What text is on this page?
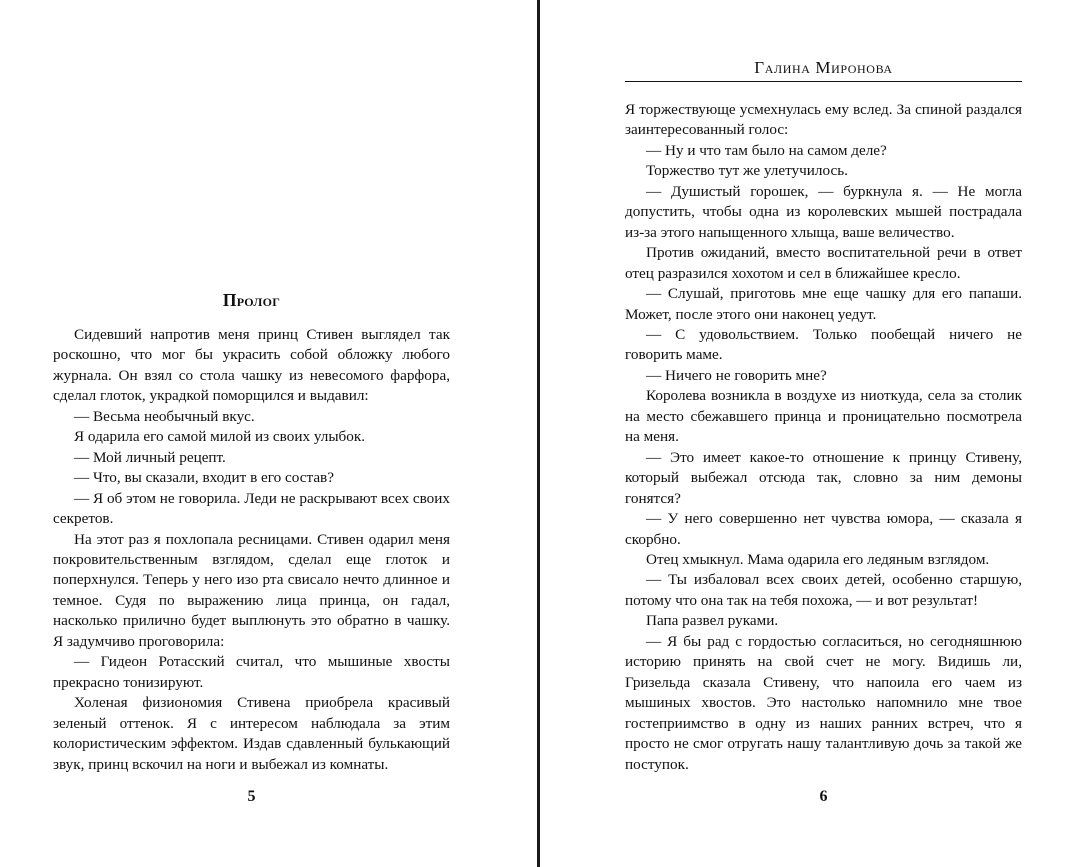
Пролог

Сидевший напротив меня принц Стивен выглядел так роскошно, что мог бы украсить собой обложку любого журнала. Он взял со стола чашку из невесомого фарфора, сделал глоток, украдкой поморщился и выдавил:

— Весьма необычный вкус.

Я одарила его самой милой из своих улыбок.

— Мой личный рецепт.

— Что, вы сказали, входит в его состав?

— Я об этом не говорила. Леди не раскрывают всех своих секретов.

На этот раз я похлопала ресницами. Стивен одарил меня покровительственным взглядом, сделал еще глоток и поперхнулся. Теперь у него изо рта свисало нечто длинное и темное. Судя по выражению лица принца, он гадал, насколько прилично будет выплюнуть это обратно в чашку. Я задумчиво проговорила:

— Гидеон Ротасский считал, что мышиные хвосты прекрасно тонизируют.

Холеная физиономия Стивена приобрела красивый зеленый оттенок. Я с интересом наблюдала за этим колористическим эффектом. Издав сдавленный булькающий звук, принц вскочил на ноги и выбежал из комнаты.

5
Галина Миронова

Я торжествующе усмехнулась ему вслед. За спиной раздался заинтересованный голос:

— Ну и что там было на самом деле?

Торжество тут же улетучилось.

— Душистый горошек, — буркнула я. — Не могла допустить, чтобы одна из королевских мышей пострадала из-за этого напыщенного хлыща, ваше величество.

Против ожиданий, вместо воспитательной речи в ответ отец разразился хохотом и сел в ближайшее кресло.

— Слушай, приготовь мне еще чашку для его папаши. Может, после этого они наконец уедут.

— С удовольствием. Только пообещай ничего не говорить маме.

— Ничего не говорить мне?

Королева возникла в воздухе из ниоткуда, села за столик на место сбежавшего принца и проницательно посмотрела на меня.

— Это имеет какое-то отношение к принцу Стивену, который выбежал отсюда так, словно за ним демоны гонятся?

— У него совершенно нет чувства юмора, — сказала я скорбно.

Отец хмыкнул. Мама одарила его ледяным взглядом.

— Ты избаловал всех своих детей, особенно старшую, потому что она так на тебя похожа, — и вот результат!

Папа развел руками.

— Я бы рад с гордостью согласиться, но сегодняшнюю историю принять на свой счет не могу. Видишь ли, Гризельда сказала Стивену, что напоила его чаем из мышиных хвостов. Это настолько напомнило мне твое гостеприимство в одну из наших ранних встреч, что я просто не смог отругать нашу талантливую дочь за такой же поступок.

6
